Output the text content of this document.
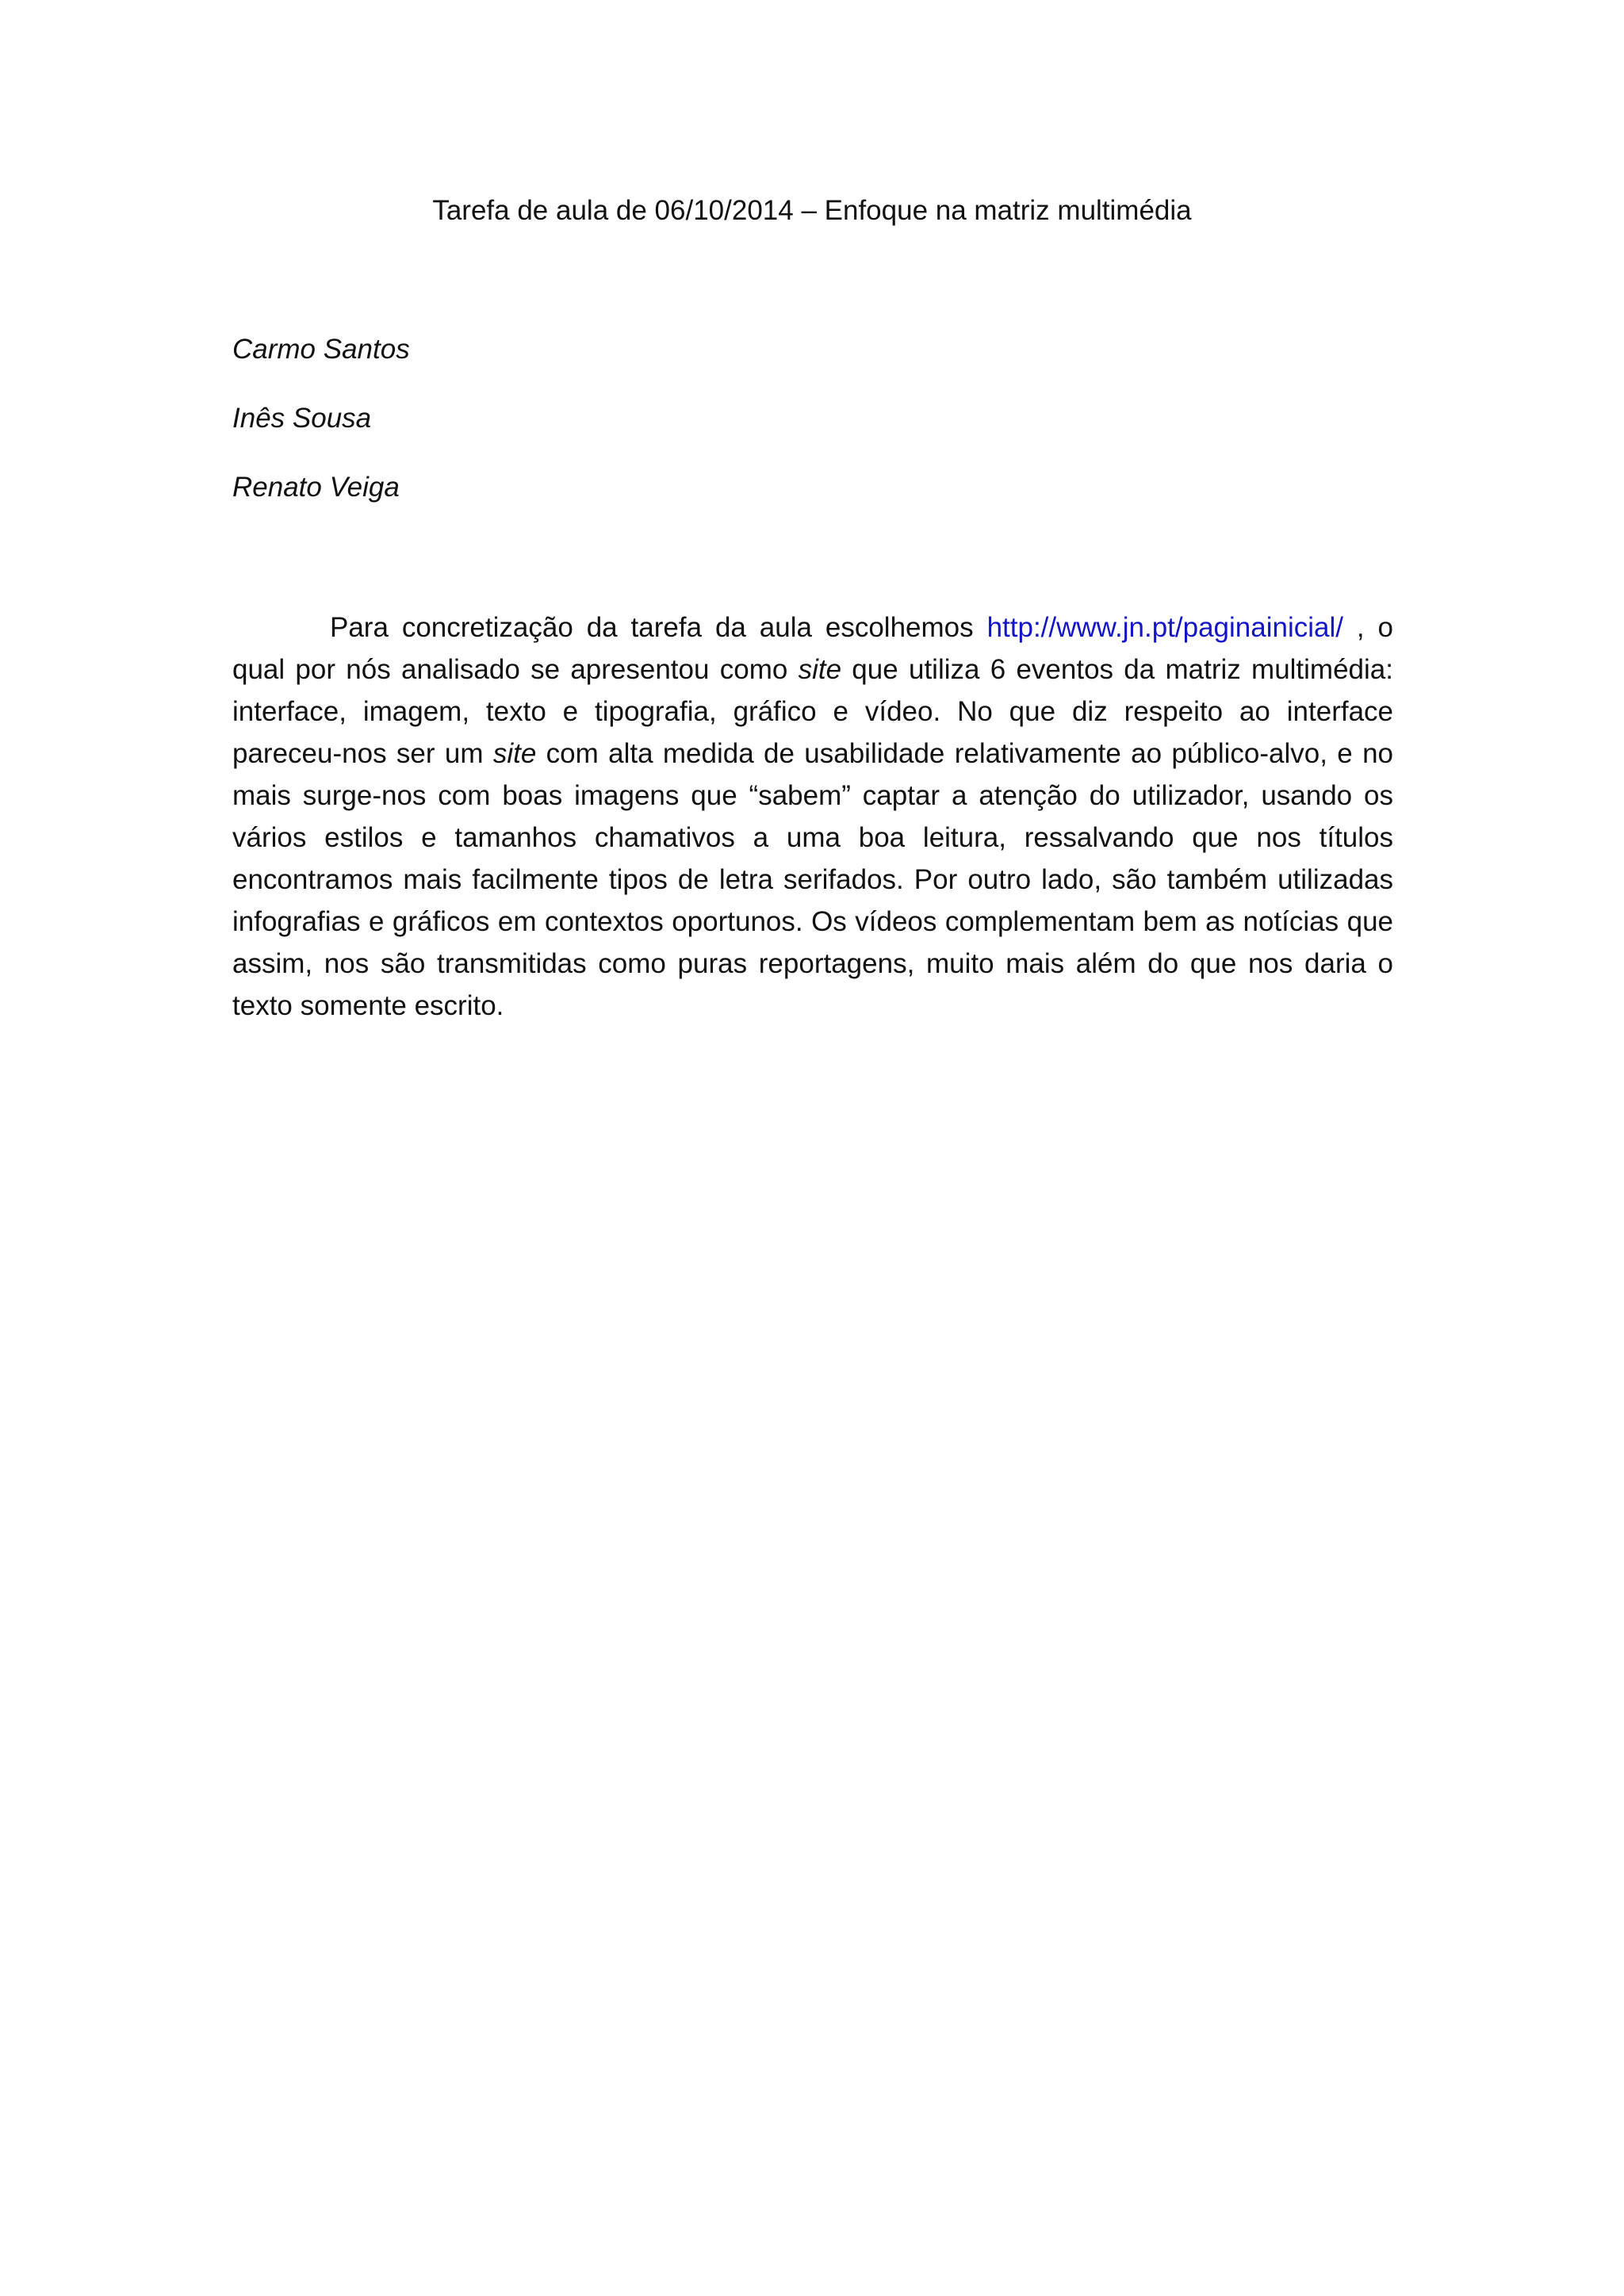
Tarefa de aula de 06/10/2014 – Enfoque na matriz multimédia
Carmo Santos
Inês Sousa
Renato Veiga

Para concretização da tarefa da aula escolhemos http://www.jn.pt/paginainicial/ , o qual por nós analisado se apresentou como site que utiliza 6 eventos da matriz multimédia: interface, imagem, texto e tipografia, gráfico e vídeo. No que diz respeito ao interface pareceu-nos ser um site com alta medida de usabilidade relativamente ao público-alvo, e no mais surge-nos com boas imagens que “sabem” captar a atenção do utilizador, usando os vários estilos e tamanhos chamativos a uma boa leitura, ressalvando que nos títulos encontramos mais facilmente tipos de letra serifados. Por outro lado, são também utilizadas infografias e gráficos em contextos oportunos. Os vídeos complementam bem as notícias que assim, nos são transmitidas como puras reportagens, muito mais além do que nos daria o texto somente escrito.
